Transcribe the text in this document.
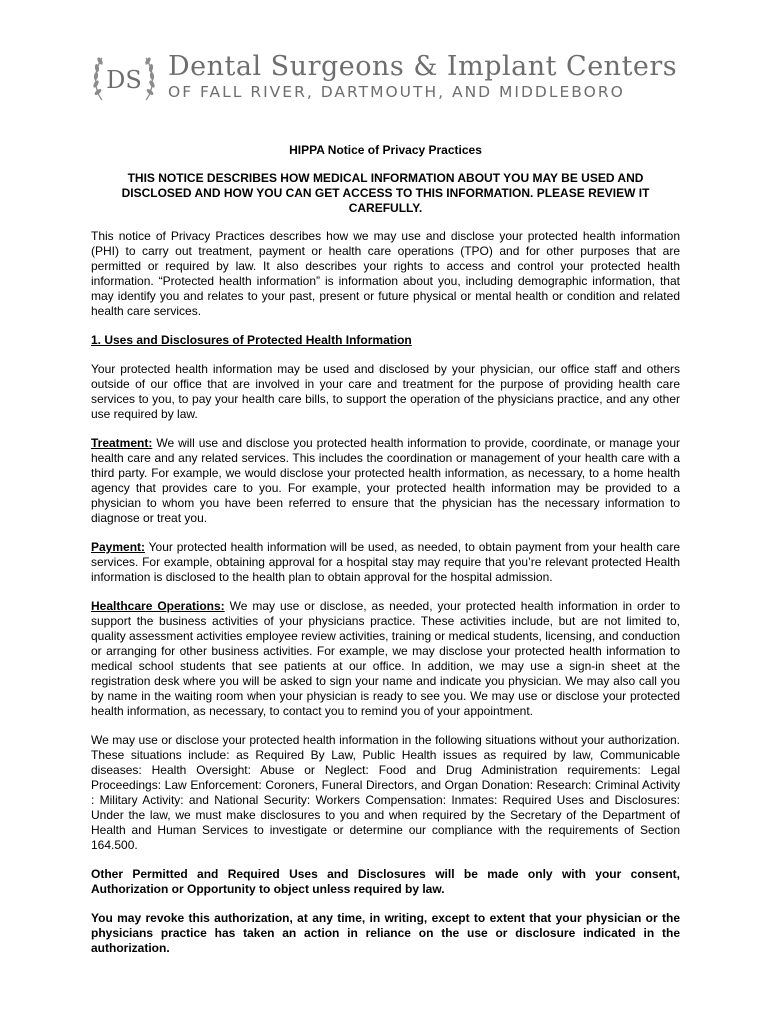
DS Dental Surgeons & Implant Centers
OF FALL RIVER, DARTMOUTH, AND MIDDLEBORO
HIPPA Notice of Privacy Practices
THIS NOTICE DESCRIBES HOW MEDICAL INFORMATION ABOUT YOU MAY BE USED AND DISCLOSED AND HOW YOU CAN GET ACCESS TO THIS INFORMATION. PLEASE REVIEW IT CAREFULLY.

This notice of Privacy Practices describes how we may use and disclose your protected health information (PHI) to carry out treatment, payment or health care operations (TPO) and for other purposes that are permitted or required by law. It also describes your rights to access and control your protected health information. “Protected health information” is information about you, including demographic information, that may identify you and relates to your past, present or future physical or mental health or condition and related health care services.

1. Uses and Disclosures of Protected Health Information

Your protected health information may be used and disclosed by your physician, our office staff and others outside of our office that are involved in your care and treatment for the purpose of providing health care services to you, to pay your health care bills, to support the operation of the physicians practice, and any other use required by law.

Treatment: We will use and disclose you protected health information to provide, coordinate, or manage your health care and any related services. This includes the coordination or management of your health care with a third party. For example, we would disclose your protected health information, as necessary, to a home health agency that provides care to you. For example, your protected health information may be provided to a physician to whom you have been referred to ensure that the physician has the necessary information to diagnose or treat you.

Payment: Your protected health information will be used, as needed, to obtain payment from your health care services. For example, obtaining approval for a hospital stay may require that you’re relevant protected Health information is disclosed to the health plan to obtain approval for the hospital admission.

Healthcare Operations: We may use or disclose, as needed, your protected health information in order to support the business activities of your physicians practice. These activities include, but are not limited to, quality assessment activities employee review activities, training or medical students, licensing, and conduction or arranging for other business activities. For example, we may disclose your protected health information to medical school students that see patients at our office. In addition, we may use a sign-in sheet at the registration desk where you will be asked to sign your name and indicate you physician. We may also call you by name in the waiting room when your physician is ready to see you. We may use or disclose your protected health information, as necessary, to contact you to remind you of your appointment.

We may use or disclose your protected health information in the following situations without your authorization. These situations include: as Required By Law, Public Health issues as required by law, Communicable diseases: Health Oversight: Abuse or Neglect: Food and Drug Administration requirements: Legal Proceedings: Law Enforcement: Coroners, Funeral Directors, and Organ Donation: Research: Criminal Activity : Military Activity: and National Security: Workers Compensation: Inmates: Required Uses and Disclosures: Under the law, we must make disclosures to you and when required by the Secretary of the Department of Health and Human Services to investigate or determine our compliance with the requirements of Section 164.500.

Other Permitted and Required Uses and Disclosures will be made only with your consent, Authorization or Opportunity to object unless required by law.

You may revoke this authorization, at any time, in writing, except to extent that your physician or the physicians practice has taken an action in reliance on the use or disclosure indicated in the authorization.
